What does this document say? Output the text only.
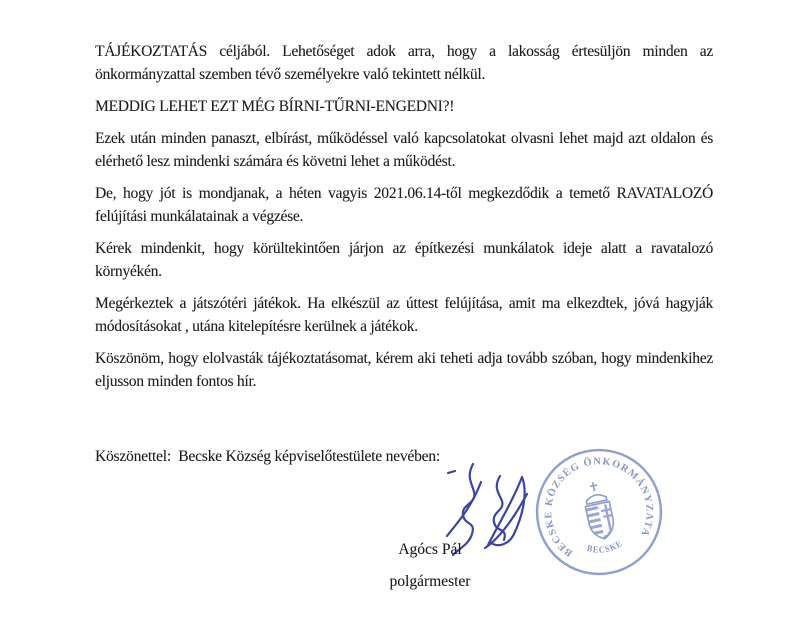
TÁJÉKOZTATÁS céljából. Lehetőséget adok arra, hogy a lakosság értesüljön minden az önkormányzattal szemben tévő személyekre való tekintett nélkül.

MEDDIG LEHET EZT MÉG BÍRNI-TŰRNI-ENGEDNI?!

Ezek után minden panaszt, elbírást, működéssel való kapcsolatokat olvasni lehet majd azt oldalon és elérhető lesz mindenki számára és követni lehet a működést.

De, hogy jót is mondjanak, a héten vagyis 2021.06.14-től megkezdődik a temető RAVATALOZÓ felújítási munkálatainak a végzése.

Kérek mindenkit, hogy körültekintően járjon az építkezési munkálatok ideje alatt a ravatalozó környékén.

Megérkeztek a játszótéri játékok. Ha elkészül az úttest felújítása, amit ma elkezdtek, jóvá hagyják módosításokat , utána kitelepítésre kerülnek a játékok.

Köszönöm, hogy elolvasták tájékoztatásomat, kérem aki teheti adja tovább szóban, hogy mindenkihez eljusson minden fontos hír.

Köszönettel:  Becske Község képviselőtestülete nevében:
BECSKE KÖZSÉG ÖNKORMÁNYZATA
BECSKE
Agócs Pál
polgármester
